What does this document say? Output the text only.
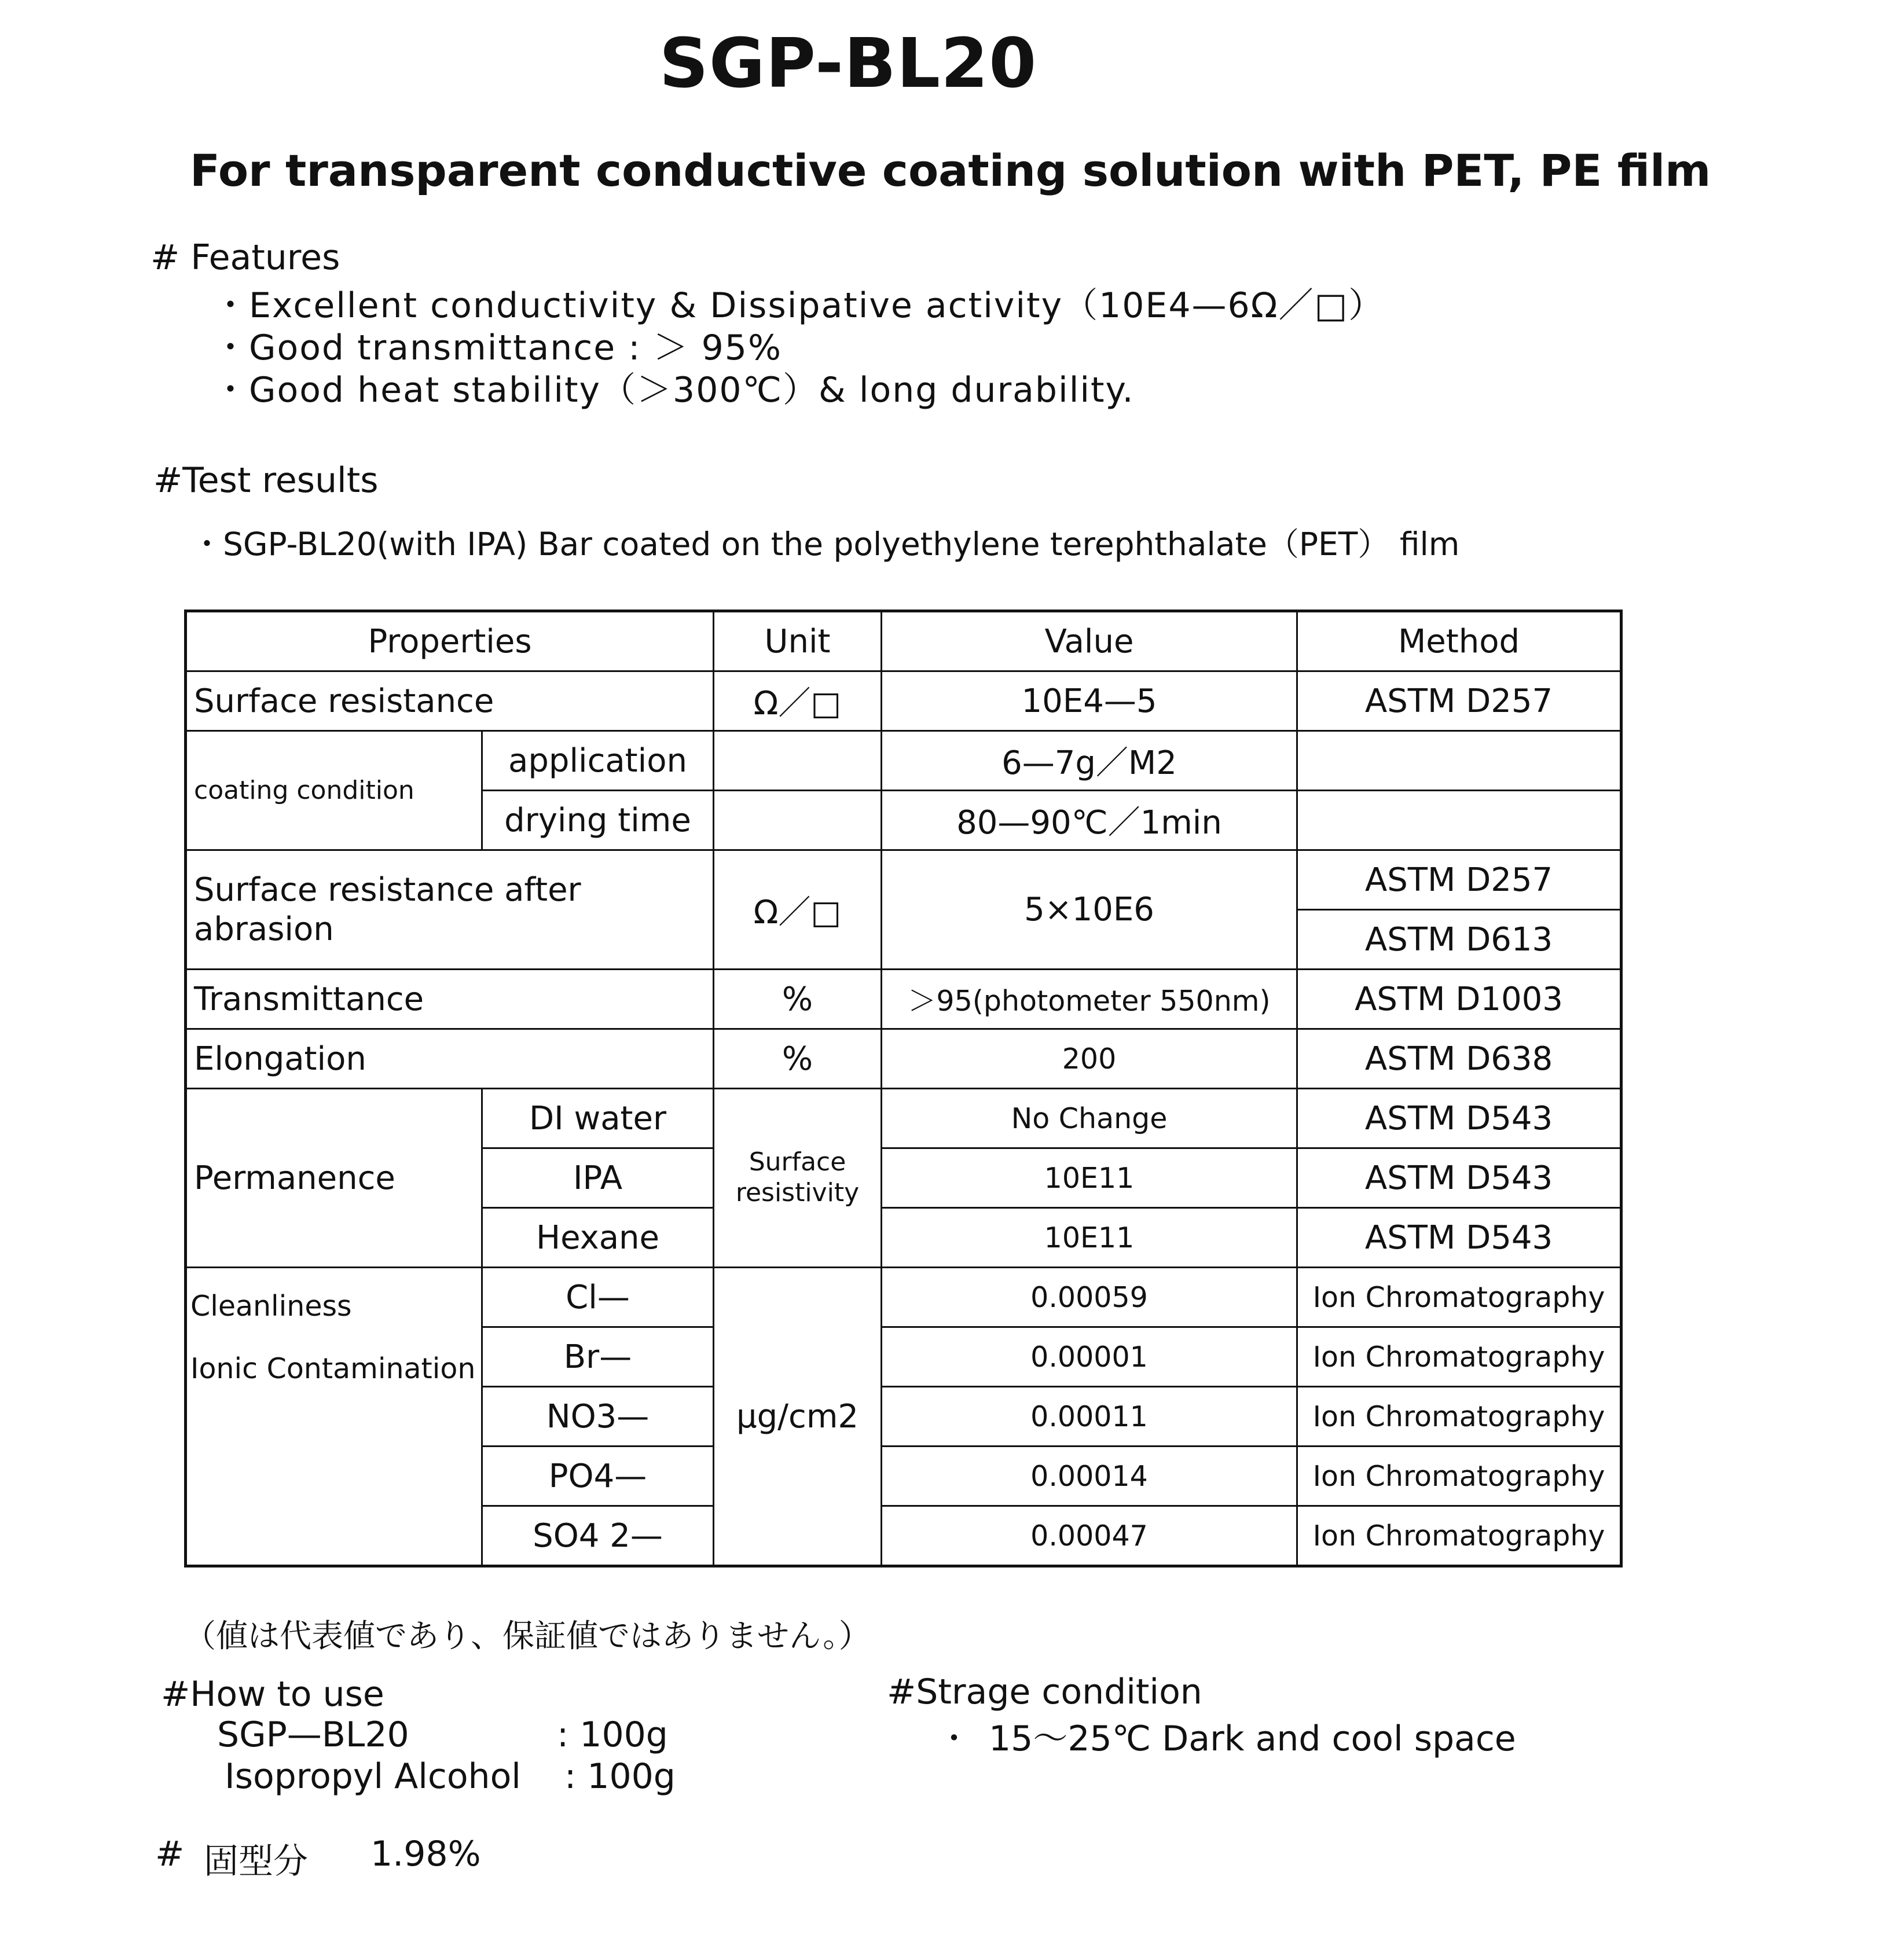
SGP-BL20
For transparent conductive coating solution with PET, PE film
# Features
・Excellent conductivity & Dissipative activity（10E4—6Ω／□）
・Good transmittance : ＞ 95%
・Good heat stability（＞300℃）& long durability.
#Test results
・SGP-BL20(with IPA) Bar coated on the polyethylene terephthalate（PET） film
Properties		Unit	Value	Method
Surface resistance		Ω／□	10E4—5	ASTM D257
coating condition	application		6—7g／M2	
	drying time		80—90℃／1min	
Surface resistance after abrasion		Ω／□	5×10E6	ASTM D257
				ASTM D613
Transmittance		%	＞95(photometer 550nm)	ASTM D1003
Elongation		%	200	ASTM D638
Permanence	DI water	Surface resistivity	No Change	ASTM D543
	IPA		10E11	ASTM D543
	Hexane		10E11	ASTM D543

Cleanliness
Ionic Contamination	Cl—	μg/cm2	0.00059	Ion Chromatography
	Br—		0.00001	Ion Chromatography
	NO3—		0.00011	Ion Chromatography
	PO4—		0.00014	Ion Chromatography
	SO4 2—		0.00047	Ion Chromatography
（値は代表値であり、保証値ではありません。）
#How to use
SGP—BL20	: 100g
Isopropyl Alcohol : 100g
#Strage condition
・ 15～25℃ Dark and cool space
# 固型分 1.98%
